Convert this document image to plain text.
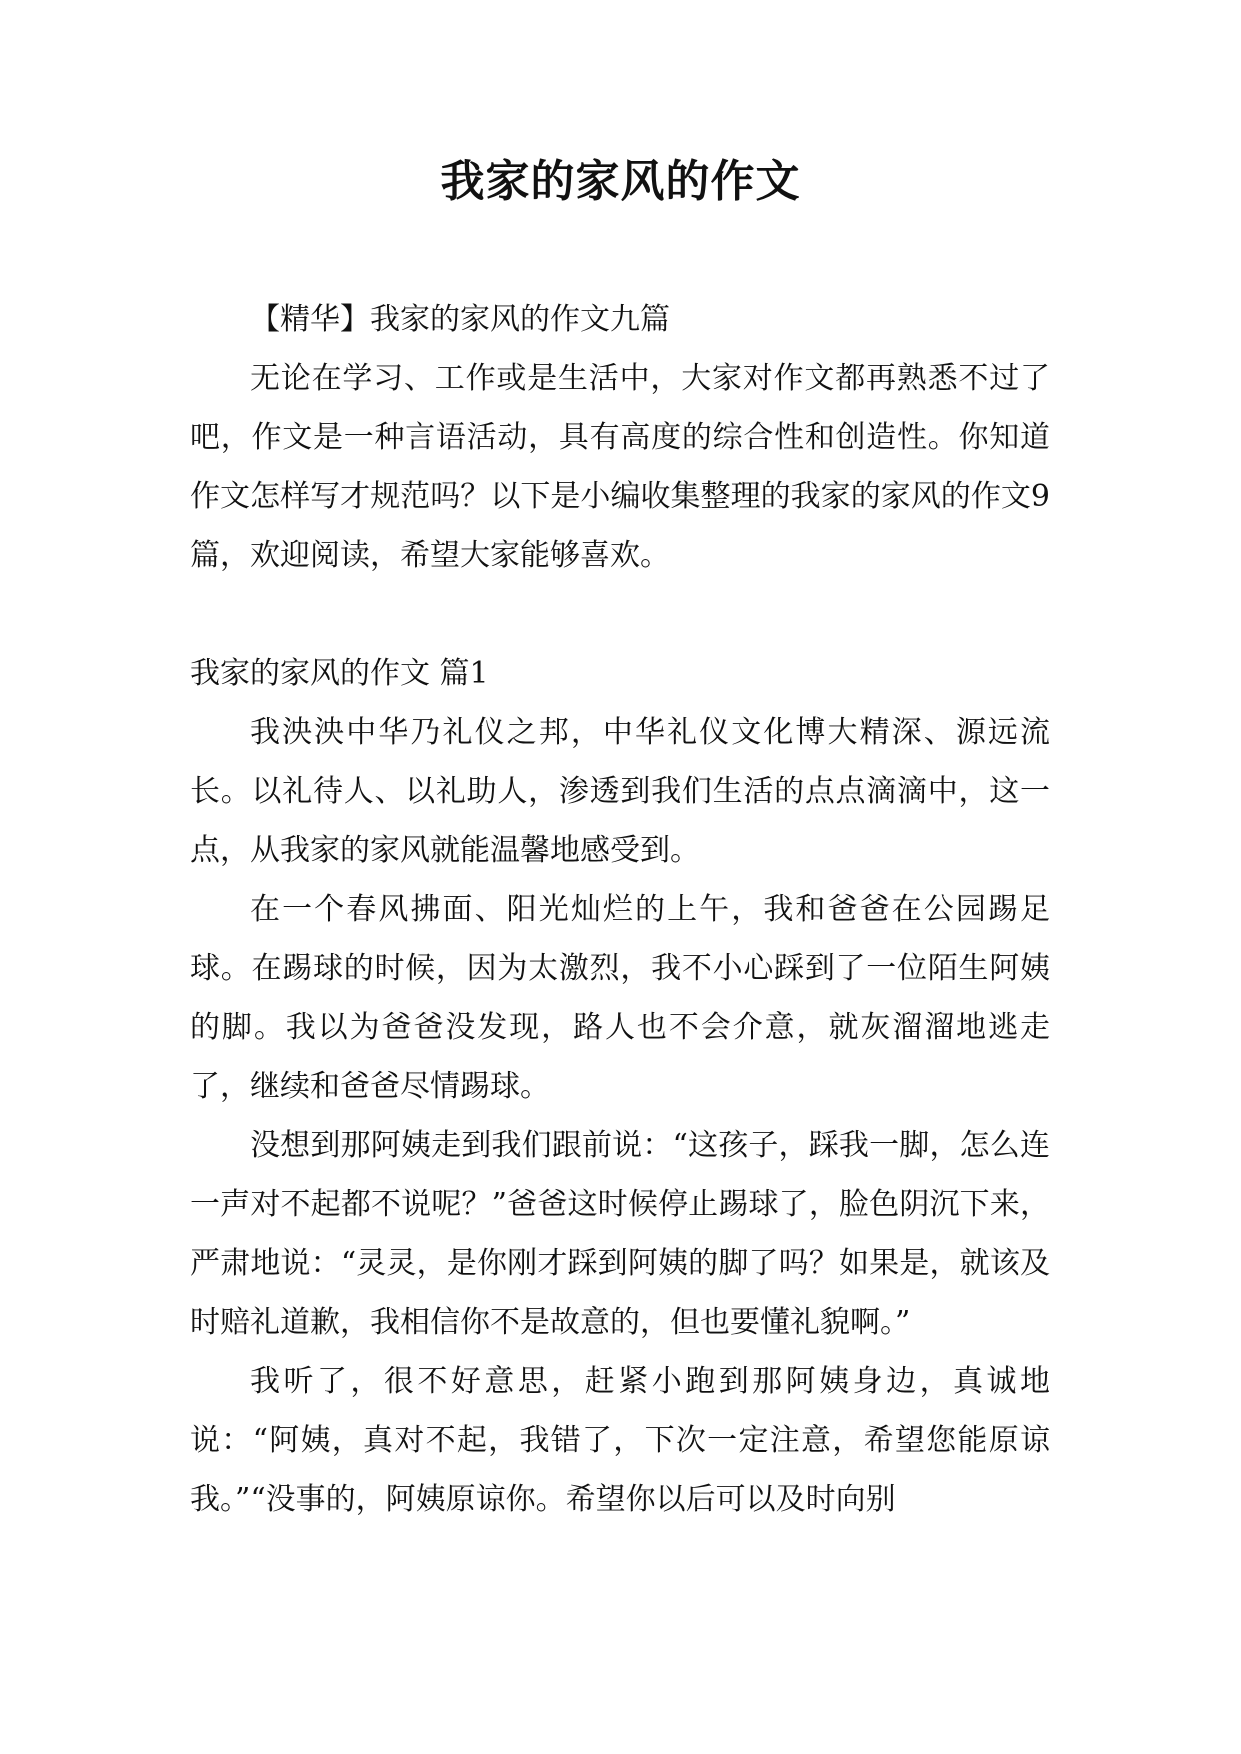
我家的家风的作文

【精华】我家的家风的作文九篇

无论在学习、工作或是生活中，大家对作文都再熟悉不过了吧，作文是一种言语活动，具有高度的综合性和创造性。你知道作文怎样写才规范吗？以下是小编收集整理的我家的家风的作文9篇，欢迎阅读，希望大家能够喜欢。

我家的家风的作文 篇1

我泱泱中华乃礼仪之邦，中华礼仪文化博大精深、源远流长。以礼待人、以礼助人，渗透到我们生活的点点滴滴中，这一点，从我家的家风就能温馨地感受到。

在一个春风拂面、阳光灿烂的上午，我和爸爸在公园踢足球。在踢球的时候，因为太激烈，我不小心踩到了一位陌生阿姨的脚。我以为爸爸没发现，路人也不会介意，就灰溜溜地逃走了，继续和爸爸尽情踢球。

没想到那阿姨走到我们跟前说：“这孩子，踩我一脚，怎么连一声对不起都不说呢？”爸爸这时候停止踢球了，脸色阴沉下来，严肃地说：“灵灵，是你刚才踩到阿姨的脚了吗？如果是，就该及时赔礼道歉，我相信你不是故意的，但也要懂礼貌啊。”

我听了，很不好意思，赶紧小跑到那阿姨身边，真诚地说：“阿姨，真对不起，我错了，下次一定注意，希望您能原谅我。”“没事的，阿姨原谅你。希望你以后可以及时向别
